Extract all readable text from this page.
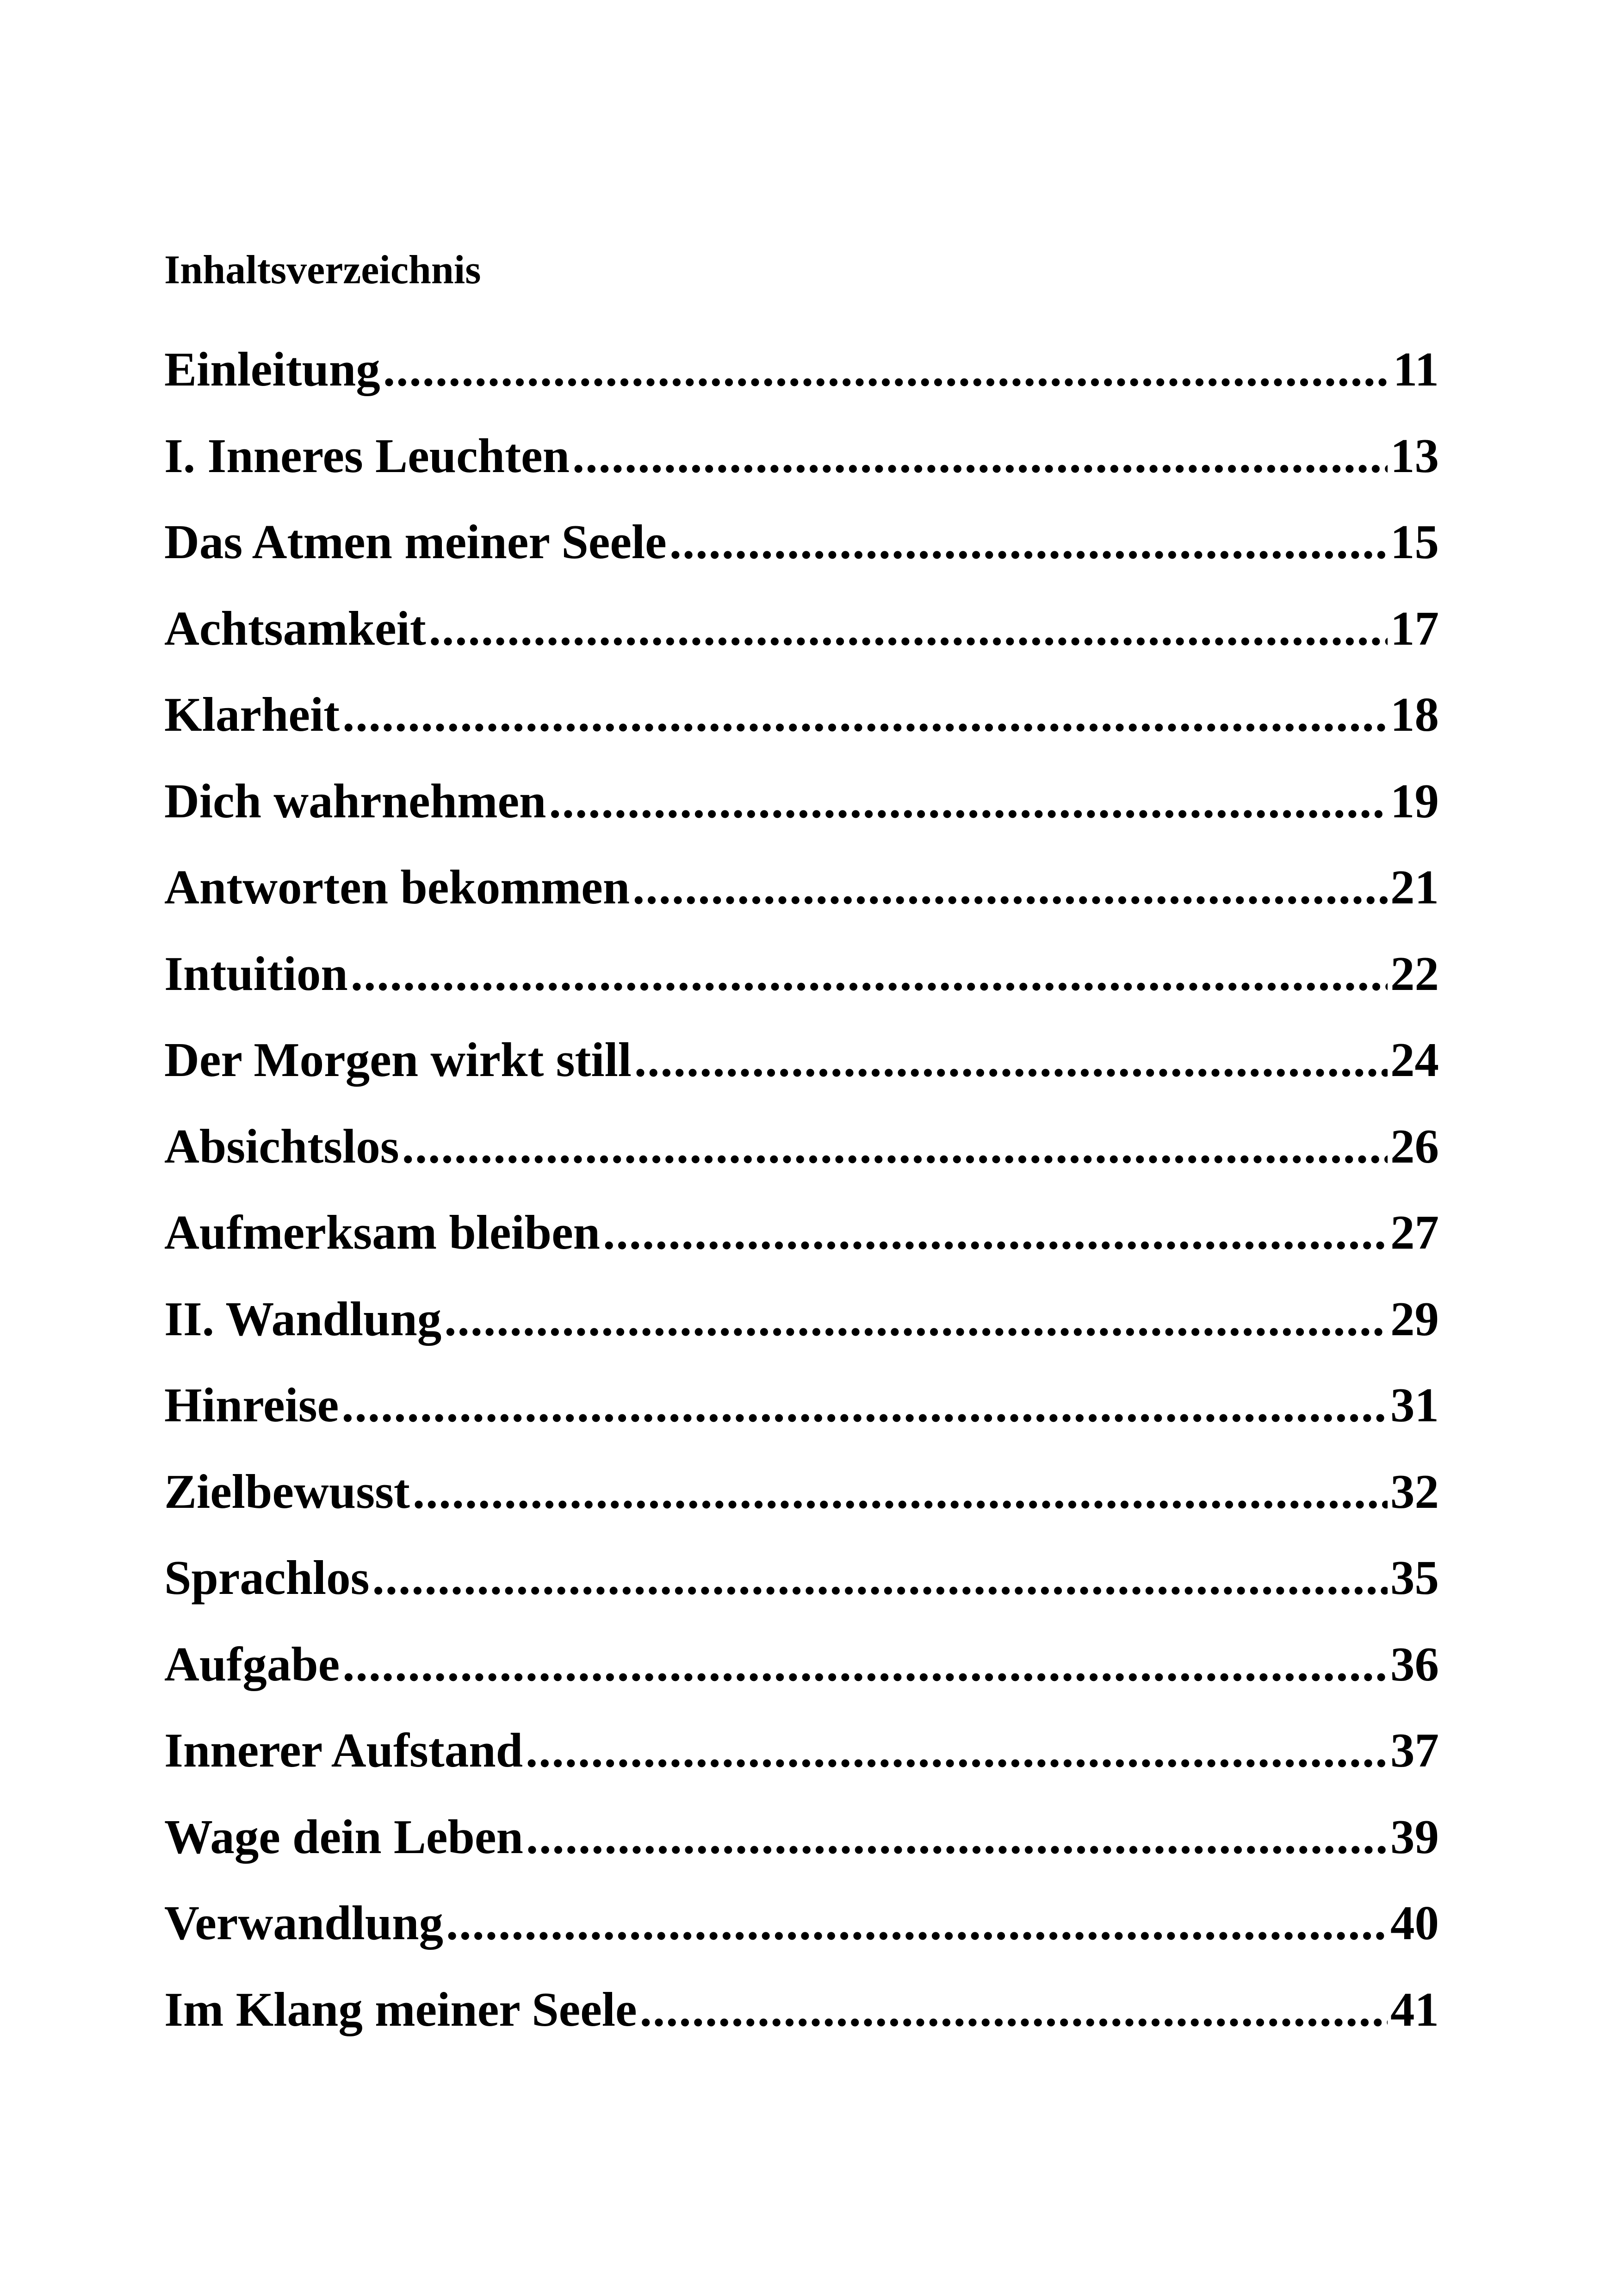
Inhaltsverzeichnis
Einleitung .....	11
I. Inneres Leuchten .....	13
Das Atmen meiner Seele .....	15
Achtsamkeit .....	17
Klarheit .....	18
Dich wahrnehmen .....	19
Antworten bekommen .....	21
Intuition .....	22
Der Morgen wirkt still .....	24
Absichtslos .....	26
Aufmerksam bleiben .....	27
II. Wandlung .....	29
Hinreise .....	31
Zielbewusst .....	32
Sprachlos .....	35
Aufgabe .....	36
Innerer Aufstand .....	37
Wage dein Leben .....	39
Verwandlung .....	40
Im Klang meiner Seele .....	41
